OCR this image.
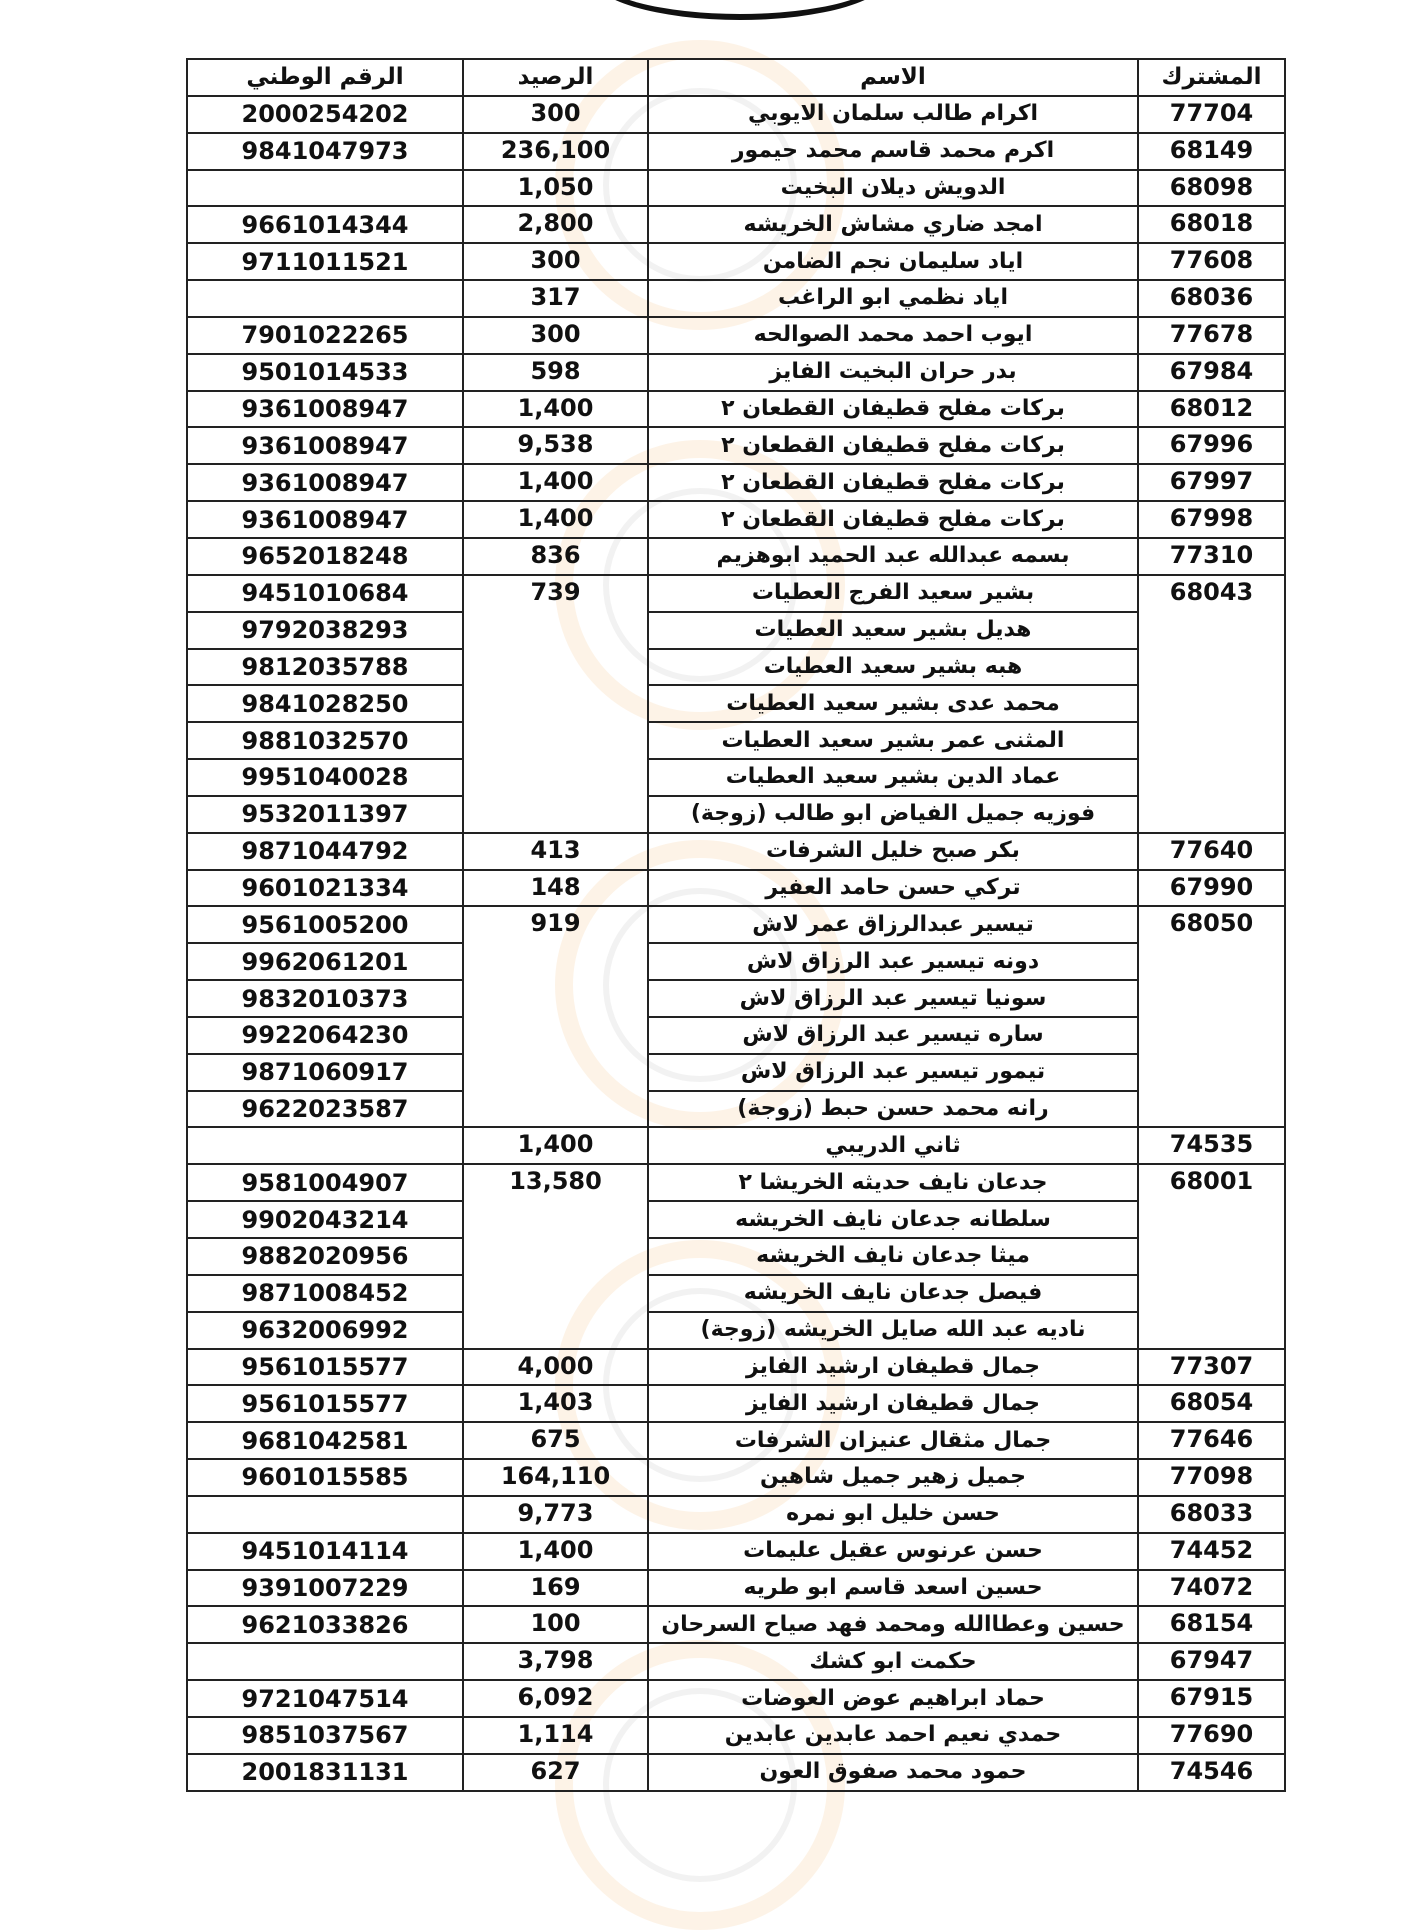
المشترك	الاسم	الرصيد	الرقم الوطني
77704	اكرام طالب سلمان الايوبي	300	2000254202
68149	اكرم محمد قاسم محمد حيمور	236,100	9841047973
68098	الدويش ديلان البخيت	1,050	
68018	امجد ضاري مشاش الخريشه	2,800	9661014344
77608	اياد سليمان نجم الضامن	300	9711011521
68036	اياد نظمي ابو الراغب	317	
77678	ايوب احمد محمد الصوالحه	300	7901022265
67984	بدر حران البخيت الفايز	598	9501014533
68012	بركات مفلح قطيفان القطعان ٢	1,400	9361008947
67996	بركات مفلح قطيفان القطعان ٢	9,538	9361008947
67997	بركات مفلح قطيفان القطعان ٢	1,400	9361008947
67998	بركات مفلح قطيفان القطعان ٢	1,400	9361008947
77310	بسمه عبدالله عبد الحميد ابوهزيم	836	9652018248
68043	بشير سعيد الفرج العطيات	739	9451010684
	هديل بشير سعيد العطيات		9792038293
	هبه بشير سعيد العطيات		9812035788
	محمد عدى بشير سعيد العطيات		9841028250
	المثنى عمر بشير سعيد العطيات		9881032570
	عماد الدين بشير سعيد العطيات		9951040028
	فوزيه جميل الفياض ابو طالب (زوجة)		9532011397
77640	بكر صبح خليل الشرفات	413	9871044792
67990	تركي حسن حامد العفير	148	9601021334
68050	تيسير عبدالرزاق عمر لاش	919	9561005200
	دونه تيسير عبد الرزاق لاش		9962061201
	سونيا تيسير عبد الرزاق لاش		9832010373
	ساره تيسير عبد الرزاق لاش		9922064230
	تيمور تيسير عبد الرزاق لاش		9871060917
	رانه محمد حسن حبط (زوجة)		9622023587
74535	ثاني الدريبي	1,400	
68001	جدعان نايف حديثه الخريشا ٢	13,580	9581004907
	سلطانه جدعان نايف الخريشه		9902043214
	ميثا جدعان نايف الخريشه		9882020956
	فيصل جدعان نايف الخريشه		9871008452
	ناديه عبد الله صايل الخريشه (زوجة)		9632006992
77307	جمال قطيفان ارشيد الفايز	4,000	9561015577
68054	جمال قطيفان ارشيد الفايز	1,403	9561015577
77646	جمال مثقال عنيزان الشرفات	675	9681042581
77098	جميل زهير جميل شاهين	164,110	9601015585
68033	حسن خليل ابو نمره	9,773	
74452	حسن عرنوس عقيل عليمات	1,400	9451014114
74072	حسين اسعد قاسم ابو طريه	169	9391007229
68154	حسين وعطاالله ومحمد فهد صياح السرحان	100	9621033826
67947	حكمت ابو كشك	3,798	
67915	حماد ابراهيم عوض العوضات	6,092	9721047514
77690	حمدي نعيم احمد عابدين عابدين	1,114	9851037567
74546	حمود محمد صفوق العون	627	2001831131
